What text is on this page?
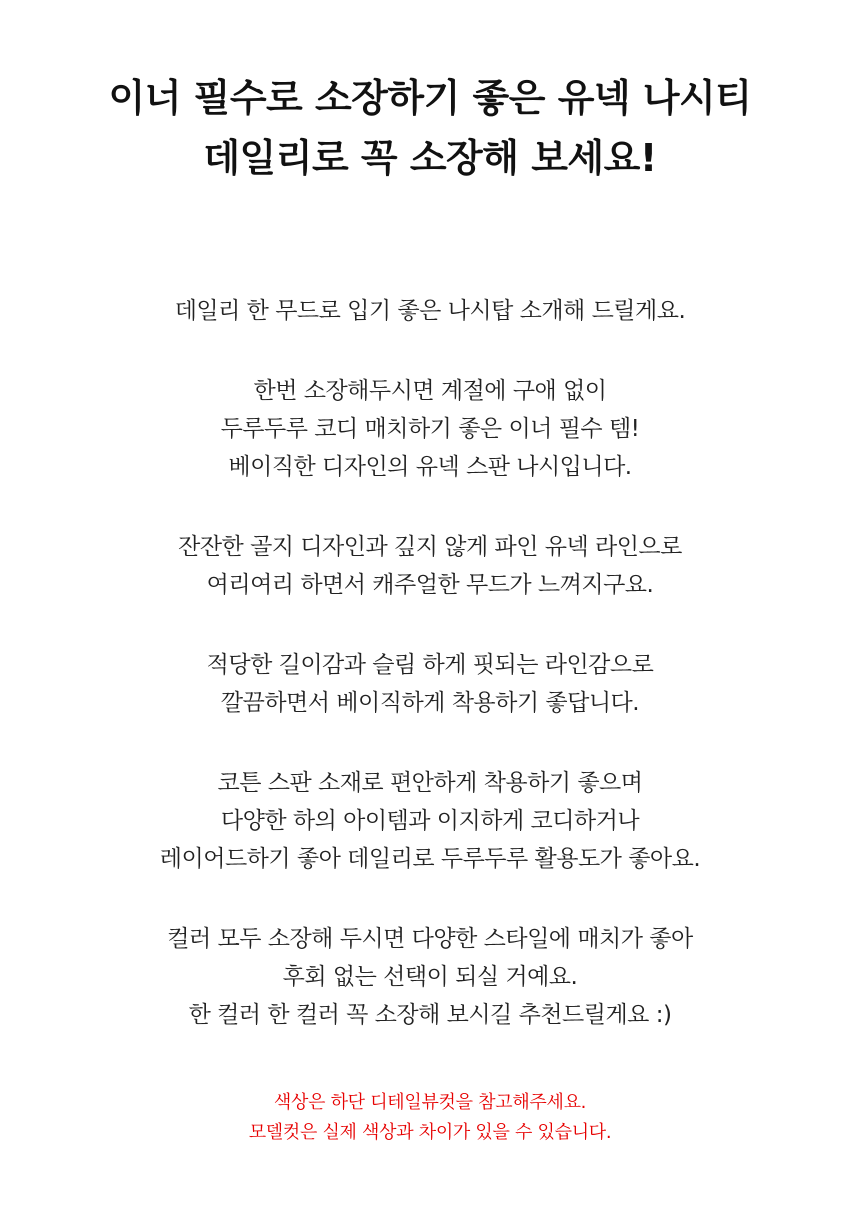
이너 필수로 소장하기 좋은 유넥 나시티
데일리로 꼭 소장해 보세요!
데일리 한 무드로 입기 좋은 나시탑 소개해 드릴게요.
한번 소장해두시면 계절에 구애 없이
두루두루 코디 매치하기 좋은 이너 필수 템!
베이직한 디자인의 유넥 스판 나시입니다.
잔잔한 골지 디자인과 깊지 않게 파인 유넥 라인으로
여리여리 하면서 캐주얼한 무드가 느껴지구요.
적당한 길이감과 슬림 하게 핏되는 라인감으로
깔끔하면서 베이직하게 착용하기 좋답니다.
코튼 스판 소재로 편안하게 착용하기 좋으며
다양한 하의 아이템과 이지하게 코디하거나
레이어드하기 좋아 데일리로 두루두루 활용도가 좋아요.
컬러 모두 소장해 두시면 다양한 스타일에 매치가 좋아
후회 없는 선택이 되실 거예요.
한 컬러 한 컬러 꼭 소장해 보시길 추천드릴게요 :)
색상은 하단 디테일뷰컷을 참고해주세요.
모델컷은 실제 색상과 차이가 있을 수 있습니다.
